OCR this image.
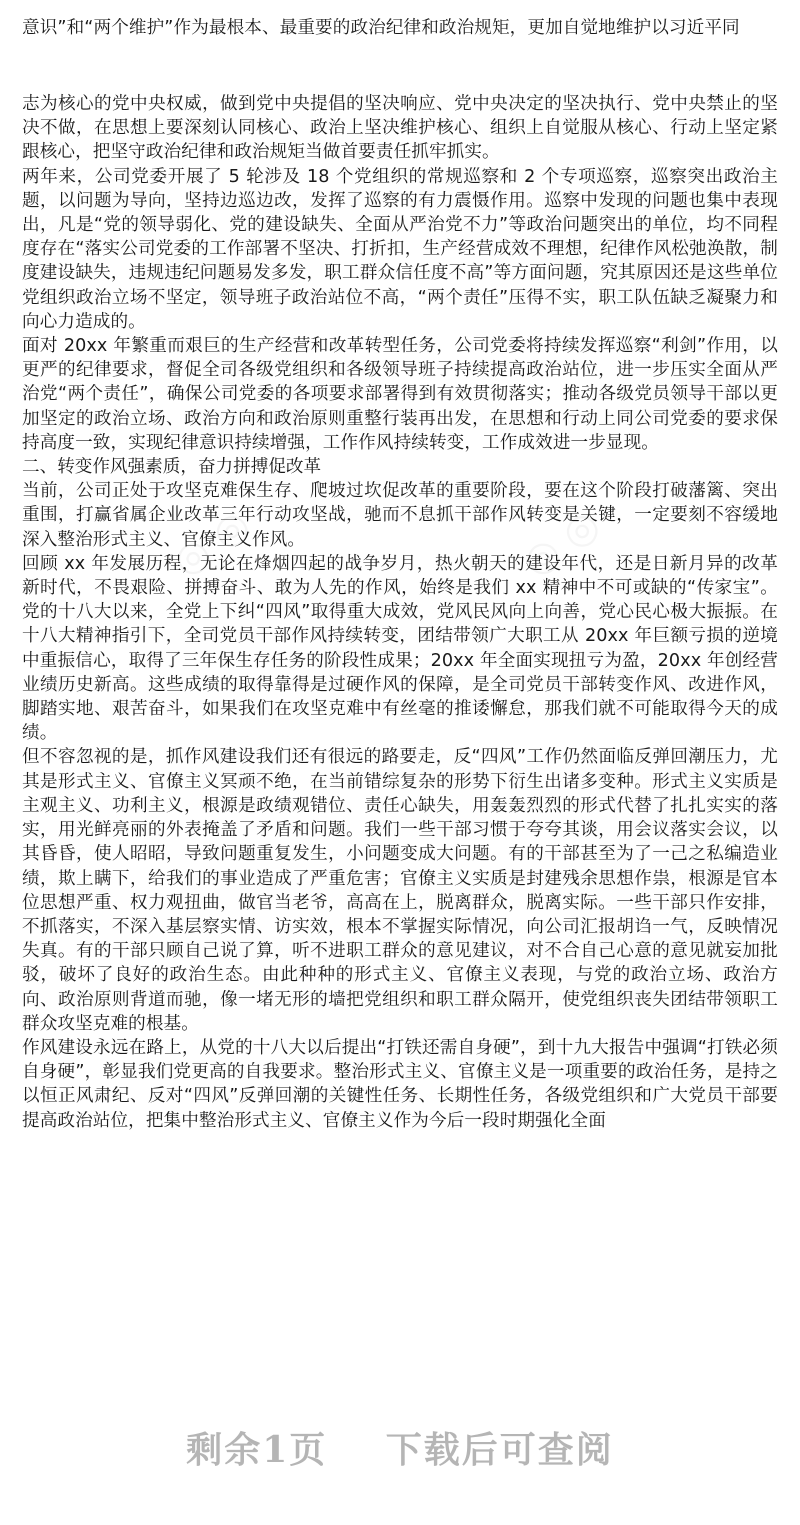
意识”和“两个维护”作为最根本、最重要的政治纪律和政治规矩，更加自觉地维护以习近平同

志为核心的党中央权威，做到党中央提倡的坚决响应、党中央决定的坚决执行、党中央禁止的坚决不做，在思想上要深刻认同核心、政治上坚决维护核心、组织上自觉服从核心、行动上坚定紧跟核心，把坚守政治纪律和政治规矩当做首要责任抓牢抓实。

两年来，公司党委开展了 5 轮涉及 18 个党组织的常规巡察和 2 个专项巡察，巡察突出政治主题，以问题为导向，坚持边巡边改，发挥了巡察的有力震慑作用。巡察中发现的问题也集中表现出，凡是“党的领导弱化、党的建设缺失、全面从严治党不力”等政治问题突出的单位，均不同程度存在“落实公司党委的工作部署不坚决、打折扣，生产经营成效不理想，纪律作风松弛涣散，制度建设缺失，违规违纪问题易发多发，职工群众信任度不高”等方面问题，究其原因还是这些单位党组织政治立场不坚定，领导班子政治站位不高，“两个责任”压得不实，职工队伍缺乏凝聚力和向心力造成的。

面对 20xx 年繁重而艰巨的生产经营和改革转型任务，公司党委将持续发挥巡察“利剑”作用，以更严的纪律要求，督促全司各级党组织和各级领导班子持续提高政治站位，进一步压实全面从严治党“两个责任”，确保公司党委的各项要求部署得到有效贯彻落实；推动各级党员领导干部以更加坚定的政治立场、政治方向和政治原则重整行装再出发，在思想和行动上同公司党委的要求保持高度一致，实现纪律意识持续增强，工作作风持续转变，工作成效进一步显现。

二、转变作风强素质，奋力拼搏促改革

当前，公司正处于攻坚克难保生存、爬坡过坎促改革的重要阶段，要在这个阶段打破藩篱、突出重围，打赢省属企业改革三年行动攻坚战，驰而不息抓干部作风转变是关键，一定要刻不容缓地深入整治形式主义、官僚主义作风。

回顾 xx 年发展历程，无论在烽烟四起的战争岁月，热火朝天的建设年代，还是日新月异的改革新时代，不畏艰险、拼搏奋斗、敢为人先的作风，始终是我们 xx 精神中不可或缺的“传家宝”。党的十八大以来，全党上下纠“四风”取得重大成效，党风民风向上向善，党心民心极大振振。在十八大精神指引下，全司党员干部作风持续转变，团结带领广大职工从 20xx 年巨额亏损的逆境中重振信心，取得了三年保生存任务的阶段性成果；20xx 年全面实现扭亏为盈，20xx 年创经营业绩历史新高。这些成绩的取得靠得是过硬作风的保障，是全司党员干部转变作风、改进作风，脚踏实地、艰苦奋斗，如果我们在攻坚克难中有丝毫的推诿懈怠，那我们就不可能取得今天的成绩。

但不容忽视的是，抓作风建设我们还有很远的路要走，反“四风”工作仍然面临反弹回潮压力，尤其是形式主义、官僚主义冥顽不绝，在当前错综复杂的形势下衍生出诸多变种。形式主义实质是主观主义、功利主义，根源是政绩观错位、责任心缺失，用轰轰烈烈的形式代替了扎扎实实的落实，用光鲜亮丽的外表掩盖了矛盾和问题。我们一些干部习惯于夸夸其谈，用会议落实会议，以其昏昏，使人昭昭，导致问题重复发生，小问题变成大问题。有的干部甚至为了一己之私编造业绩，欺上瞒下，给我们的事业造成了严重危害；官僚主义实质是封建残余思想作祟，根源是官本位思想严重、权力观扭曲，做官当老爷，高高在上，脱离群众，脱离实际。一些干部只作安排，不抓落实，不深入基层察实情、访实效，根本不掌握实际情况，向公司汇报胡诌一气，反映情况失真。有的干部只顾自己说了算，听不进职工群众的意见建议，对不合自己心意的意见就妄加批驳，破坏了良好的政治生态。由此种种的形式主义、官僚主义表现，与党的政治立场、政治方向、政治原则背道而驰，像一堵无形的墙把党组织和职工群众隔开，使党组织丧失团结带领职工群众攻坚克难的根基。

作风建设永远在路上，从党的十八大以后提出“打铁还需自身硬”，到十九大报告中强调“打铁必须自身硬”，彰显我们党更高的自我要求。整治形式主义、官僚主义是一项重要的政治任务，是持之以恒正风肃纪、反对“四风”反弹回潮的关键性任务、长期性任务，各级党组织和广大党员干部要提高政治站位，把集中整治形式主义、官僚主义作为今后一段时期强化全面

剩余1页 下载后可查阅
